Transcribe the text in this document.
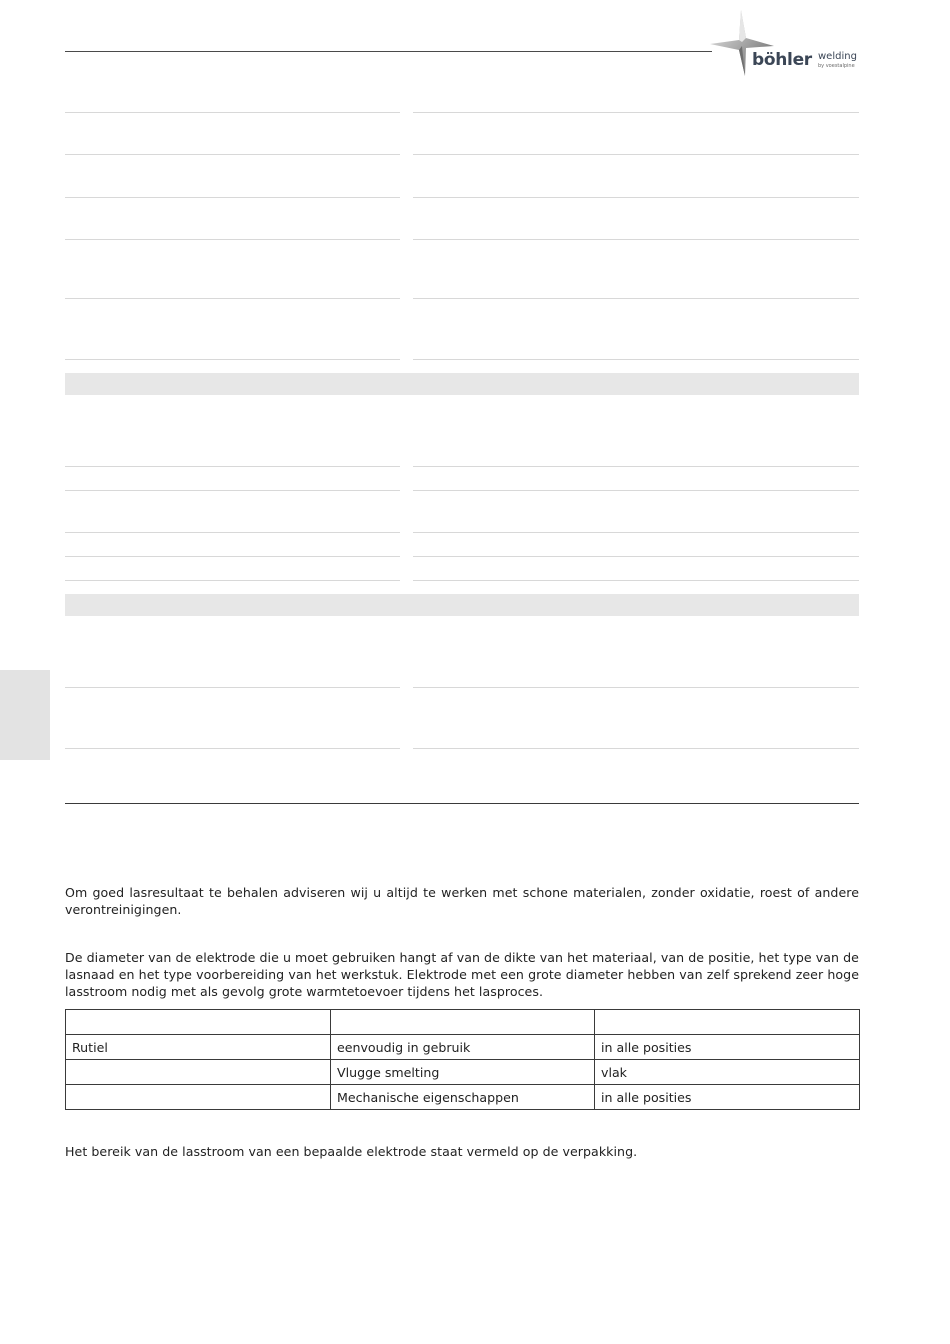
böhler welding
by voestalpine

Om goed lasresultaat te behalen adviseren wij u altijd te werken met schone materialen, zonder oxidatie, roest of andere verontreinigingen.

De diameter van de elektrode die u moet gebruiken hangt af van de dikte van het materiaal, van de positie, het type van de lasnaad en het type voorbereiding van het werkstuk. Elektrode met een grote diameter hebben van zelf sprekend zeer hoge lasstroom nodig met als gevolg grote warmtetoevoer tijdens het lasproces.

Rutiel	eenvoudig in gebruik	in alle posities
	Vlugge smelting	vlak
	Mechanische eigenschappen	in alle posities

Het bereik van de lasstroom van een bepaalde elektrode staat vermeld op de verpakking.
